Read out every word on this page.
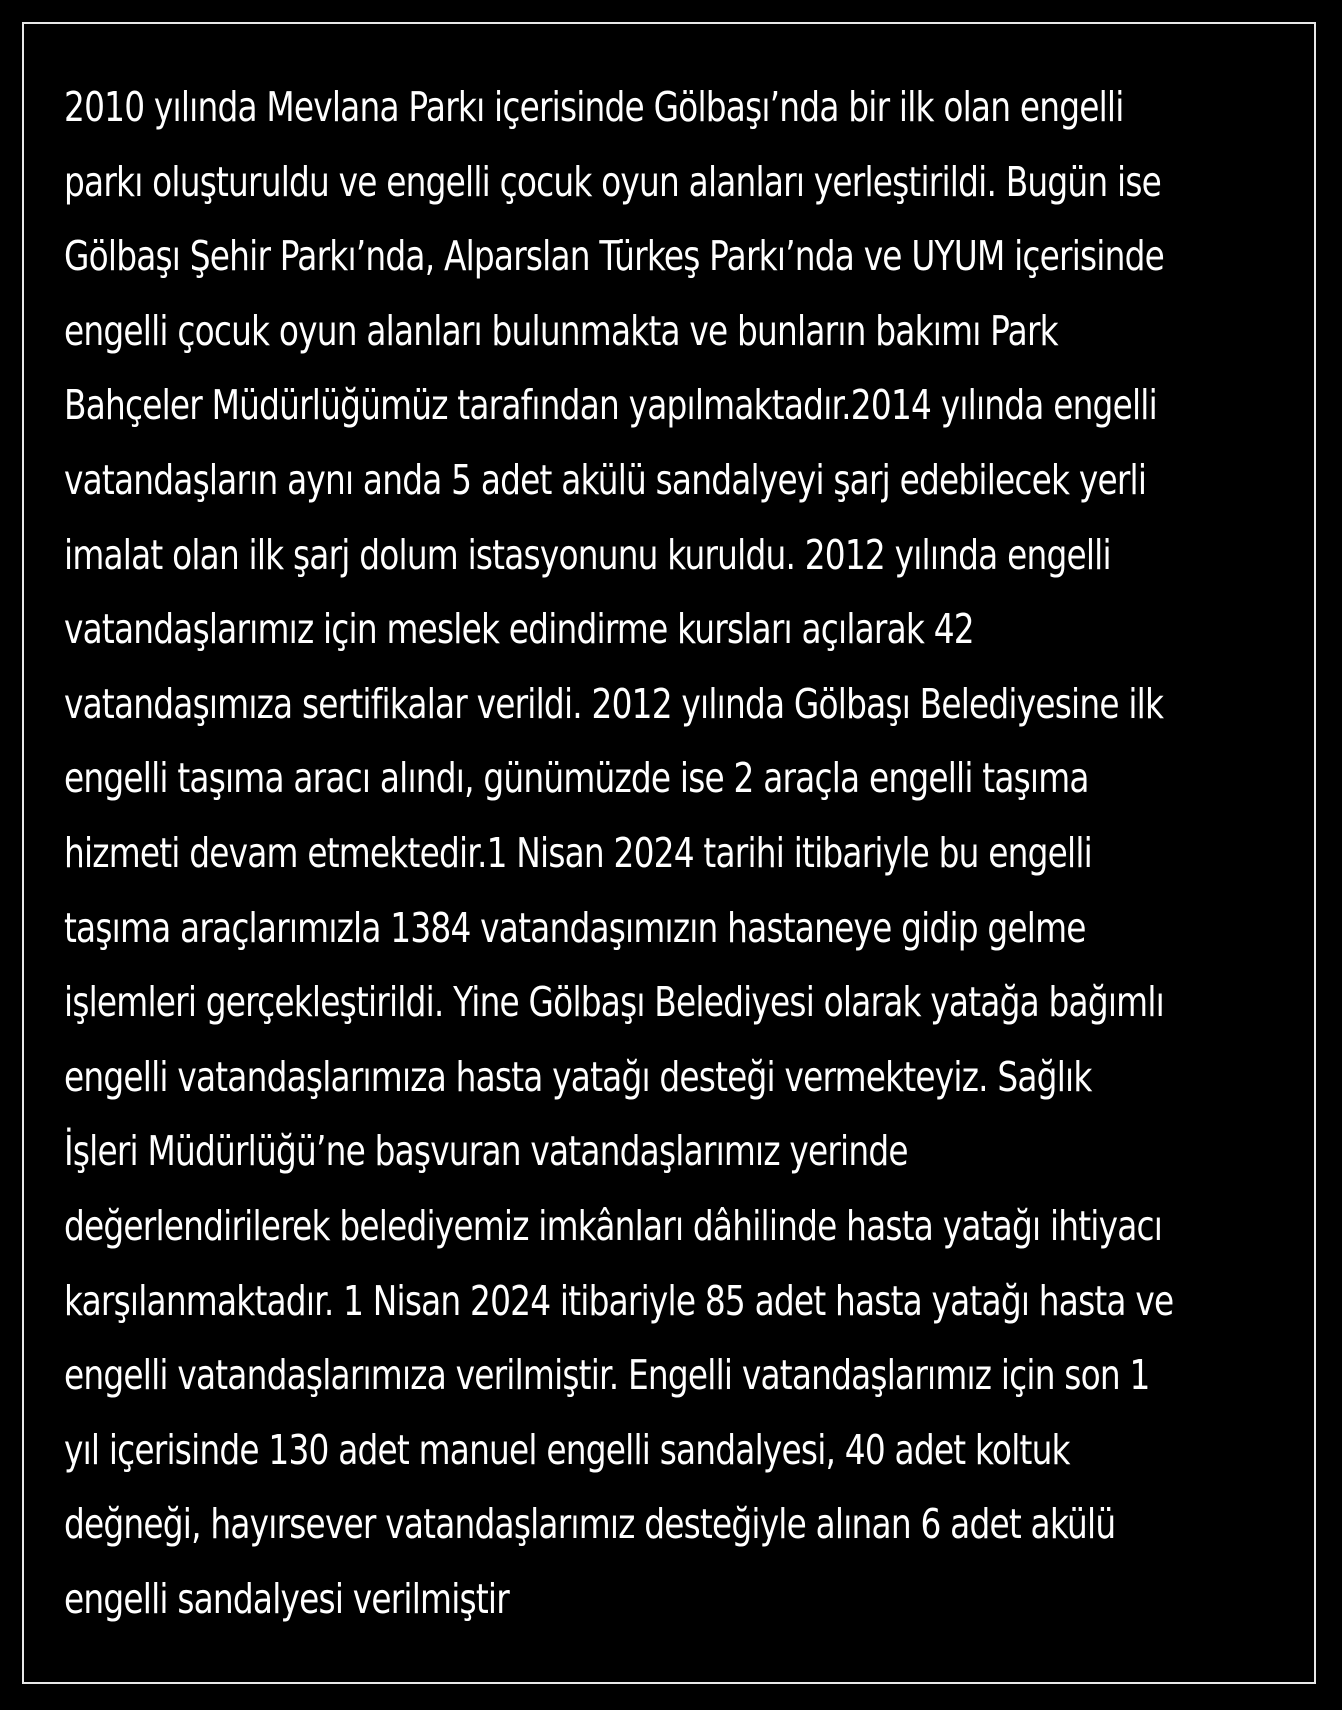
2010 yılında Mevlana Parkı içerisinde Gölbaşı’nda bir ilk olan engelli
parkı oluşturuldu ve engelli çocuk oyun alanları yerleştirildi. Bugün ise
Gölbaşı Şehir Parkı’nda, Alparslan Türkeş Parkı’nda ve UYUM içerisinde
engelli çocuk oyun alanları bulunmakta ve bunların bakımı Park
Bahçeler Müdürlüğümüz tarafından yapılmaktadır.2014 yılında engelli
vatandaşların aynı anda 5 adet akülü sandalyeyi şarj edebilecek yerli
imalat olan ilk şarj dolum istasyonunu kuruldu. 2012 yılında engelli
vatandaşlarımız için meslek edindirme kursları açılarak 42
vatandaşımıza sertifikalar verildi. 2012 yılında Gölbaşı Belediyesine ilk
engelli taşıma aracı alındı, günümüzde ise 2 araçla engelli taşıma
hizmeti devam etmektedir.1 Nisan 2024 tarihi itibariyle bu engelli
taşıma araçlarımızla 1384 vatandaşımızın hastaneye gidip gelme
işlemleri gerçekleştirildi. Yine Gölbaşı Belediyesi olarak yatağa bağımlı
engelli vatandaşlarımıza hasta yatağı desteği vermekteyiz. Sağlık
İşleri Müdürlüğü’ne başvuran vatandaşlarımız yerinde
değerlendirilerek belediyemiz imkânları dâhilinde hasta yatağı ihtiyacı
karşılanmaktadır. 1 Nisan 2024 itibariyle 85 adet hasta yatağı hasta ve
engelli vatandaşlarımıza verilmiştir. Engelli vatandaşlarımız için son 1
yıl içerisinde 130 adet manuel engelli sandalyesi, 40 adet koltuk
değneği, hayırsever vatandaşlarımız desteğiyle alınan 6 adet akülü
engelli sandalyesi verilmiştir
